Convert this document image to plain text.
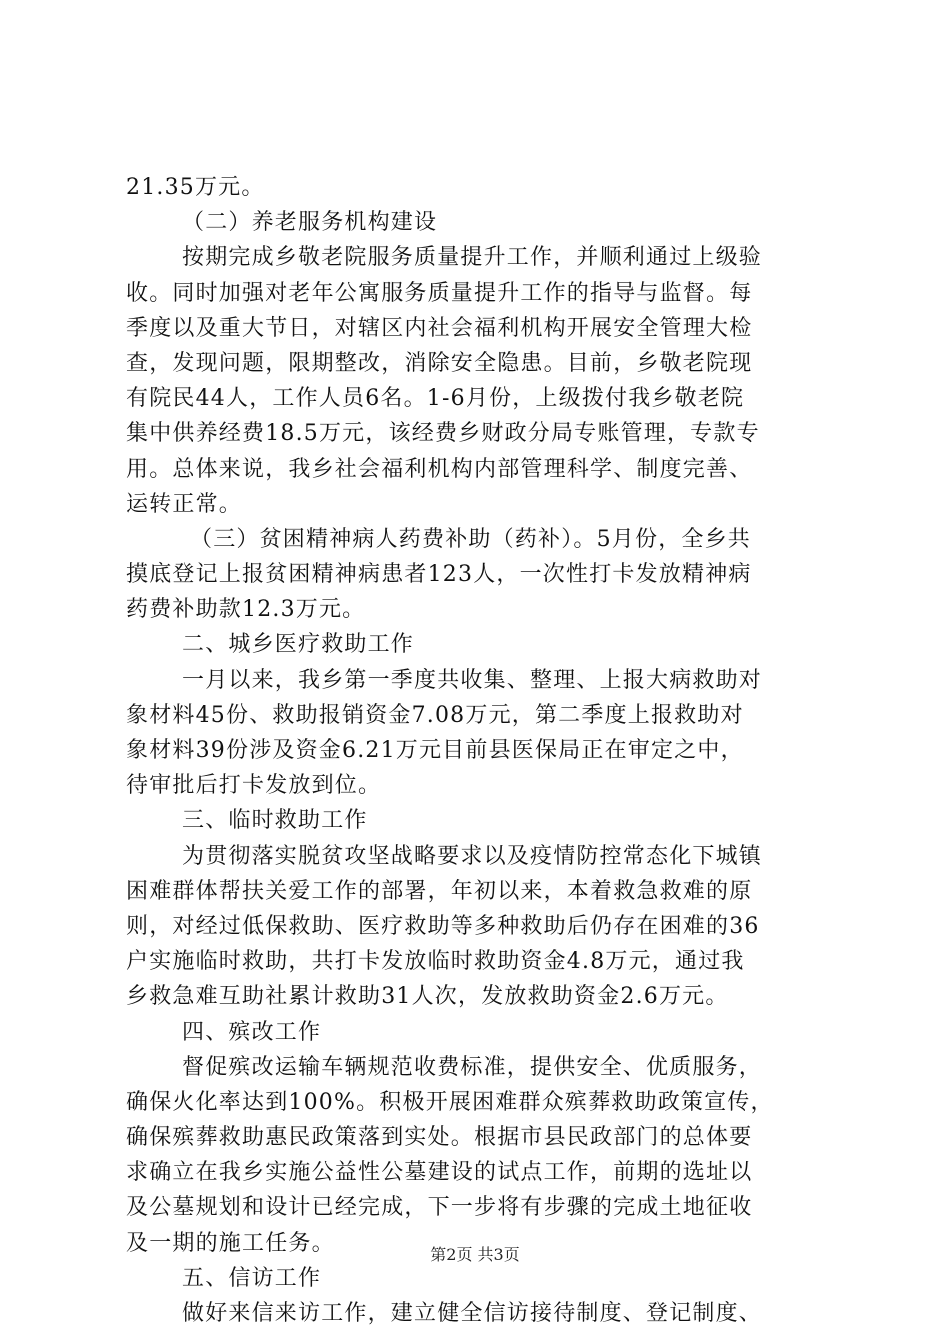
21.35万元。
（二）养老服务机构建设
按期完成乡敬老院服务质量提升工作，并顺利通过上级验
收。同时加强对老年公寓服务质量提升工作的指导与监督。每
季度以及重大节日，对辖区内社会福利机构开展安全管理大检
查，发现问题，限期整改，消除安全隐患。目前，乡敬老院现
有院民44人，工作人员6名。1-6月份，上级拨付我乡敬老院
集中供养经费18.5万元，该经费乡财政分局专账管理，专款专
用。总体来说，我乡社会福利机构内部管理科学、制度完善、
运转正常。
（三）贫困精神病人药费补助（药补）。5月份，全乡共
摸底登记上报贫困精神病患者123人，一次性打卡发放精神病
药费补助款12.3万元。
二、城乡医疗救助工作
一月以来，我乡第一季度共收集、整理、上报大病救助对
象材料45份、救助报销资金7.08万元，第二季度上报救助对
象材料39份涉及资金6.21万元目前县医保局正在审定之中，
待审批后打卡发放到位。
三、临时救助工作
为贯彻落实脱贫攻坚战略要求以及疫情防控常态化下城镇
困难群体帮扶关爱工作的部署，年初以来，本着救急救难的原
则，对经过低保救助、医疗救助等多种救助后仍存在困难的36
户实施临时救助，共打卡发放临时救助资金4.8万元，通过我
乡救急难互助社累计救助31人次，发放救助资金2.6万元。
四、殡改工作
督促殡改运输车辆规范收费标准，提供安全、优质服务，
确保火化率达到100%。积极开展困难群众殡葬救助政策宣传，
确保殡葬救助惠民政策落到实处。根据市县民政部门的总体要
求确立在我乡实施公益性公墓建设的试点工作，前期的选址以
及公墓规划和设计已经完成，下一步将有步骤的完成土地征收
及一期的施工任务。
五、信访工作
做好来信来访工作，建立健全信访接待制度、登记制度、
第2页 共3页
